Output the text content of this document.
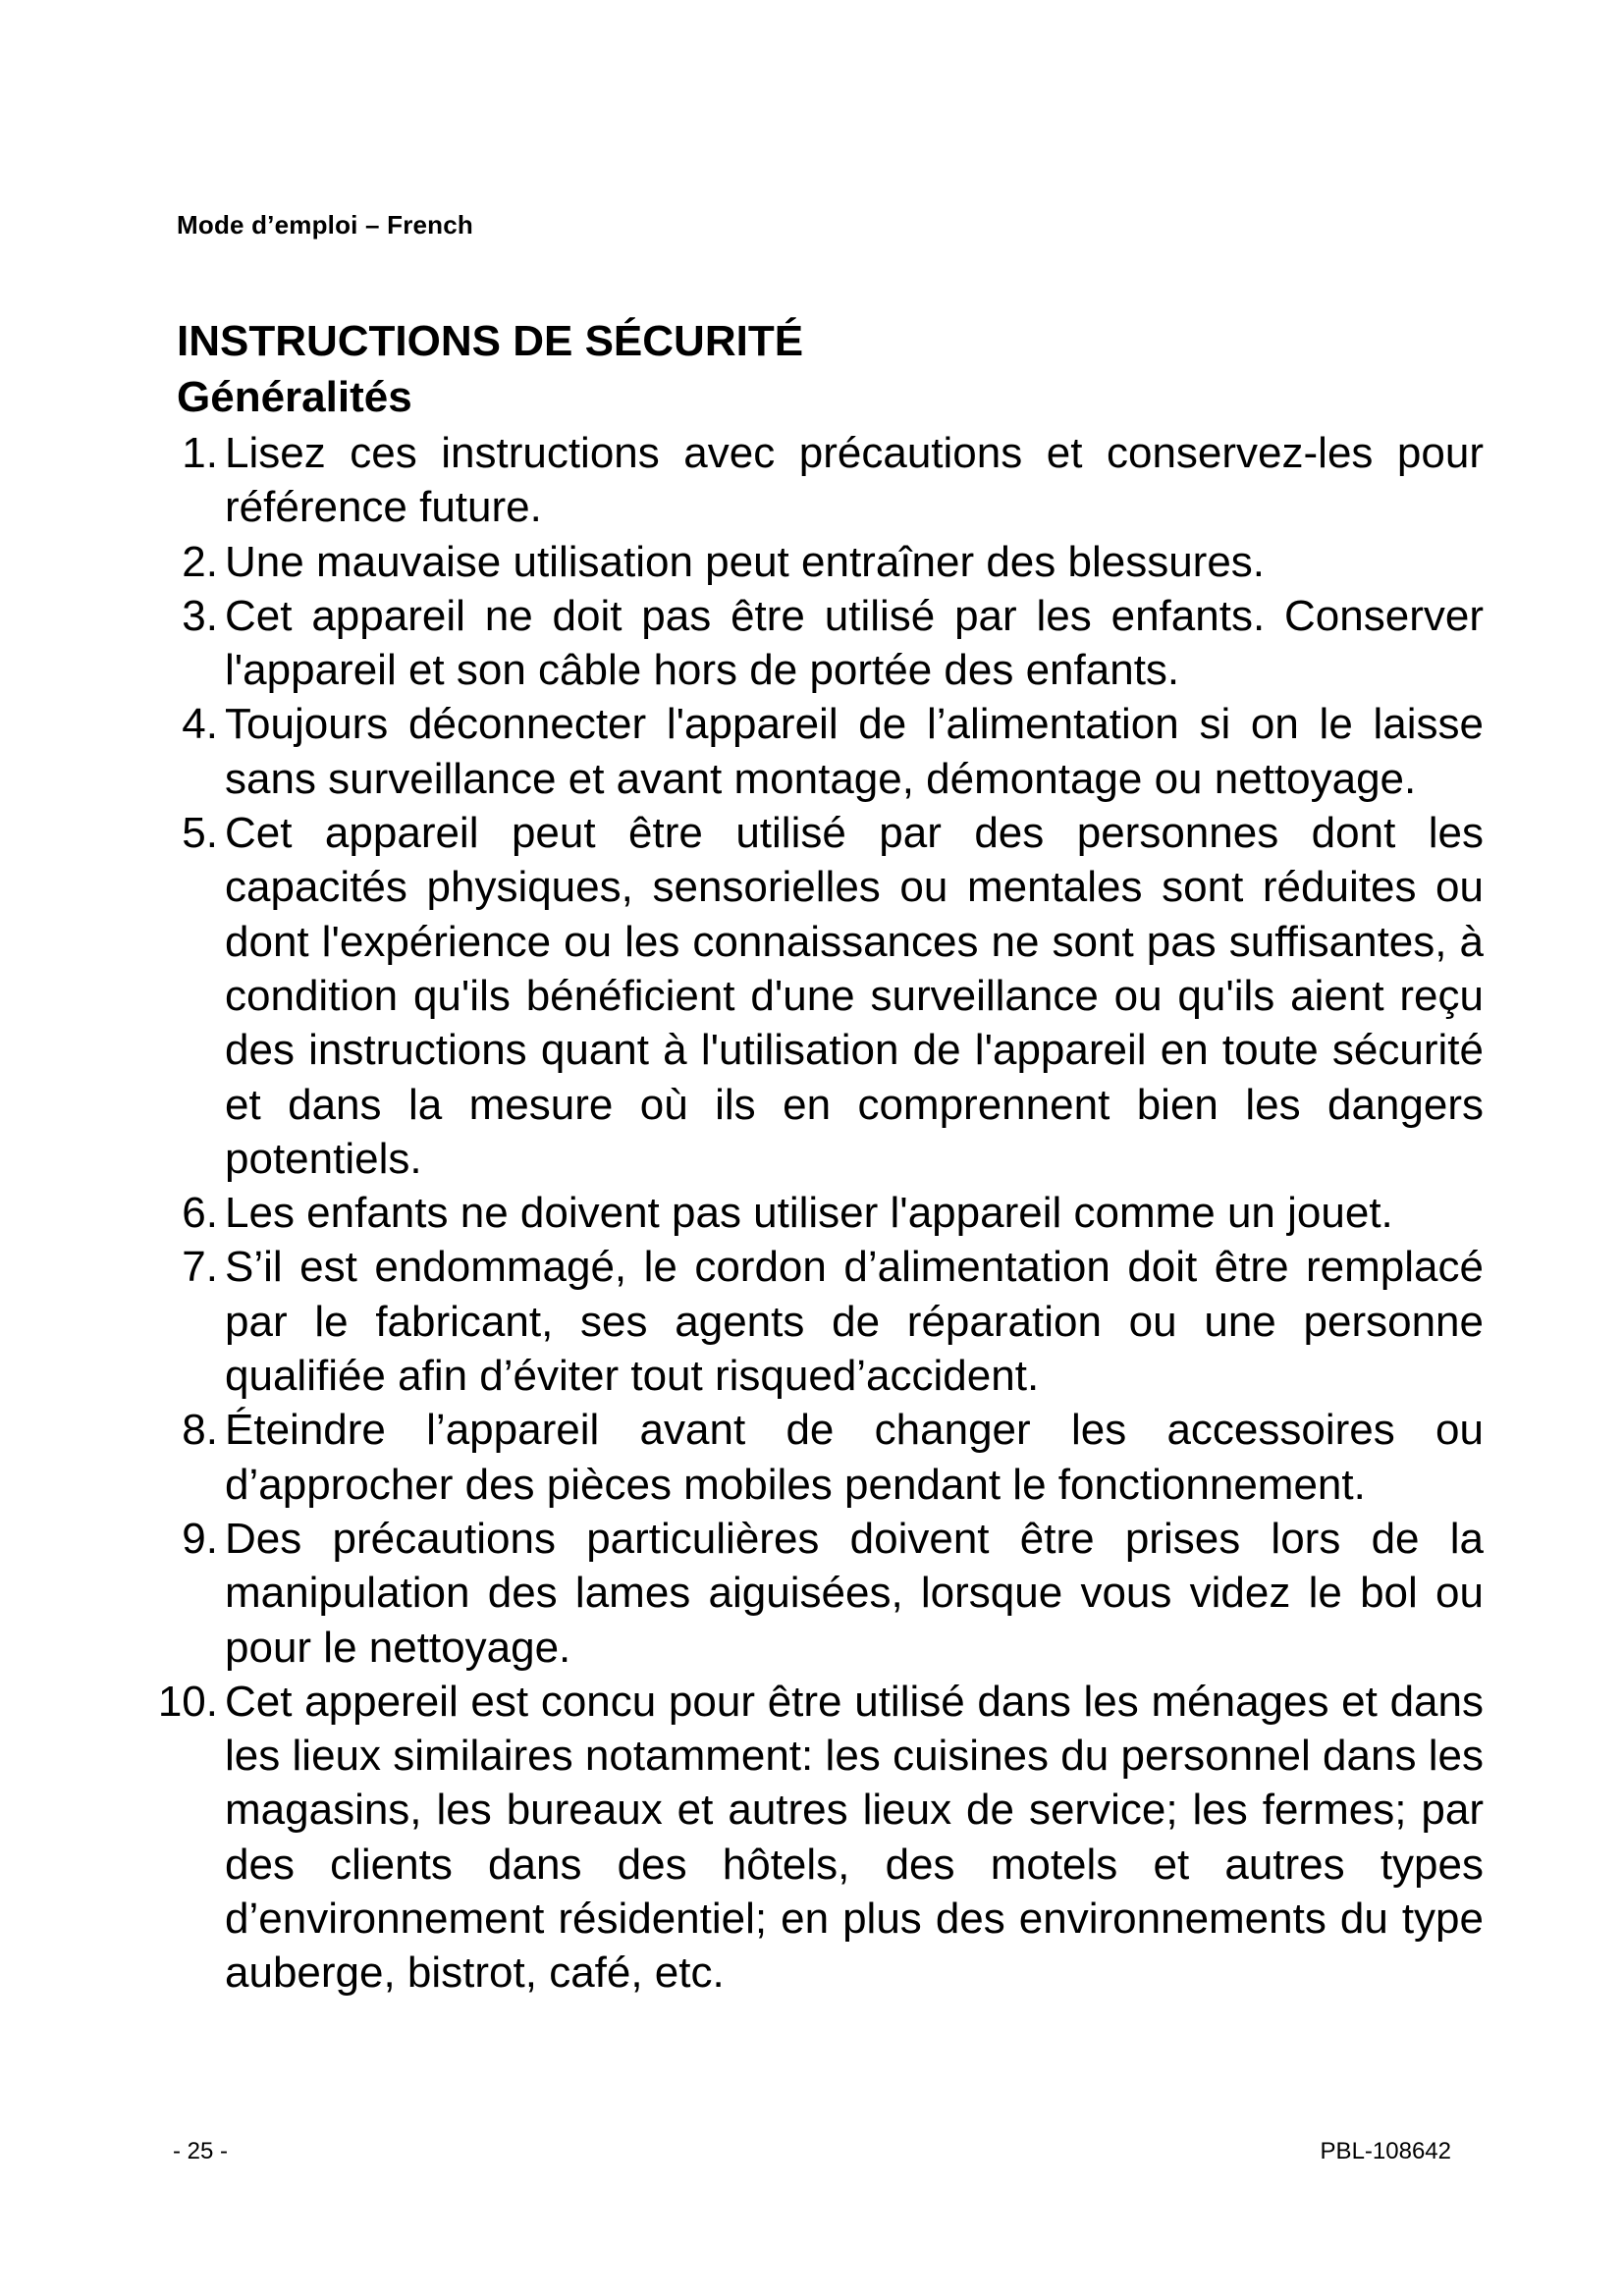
Mode d’emploi – French
INSTRUCTIONS DE SÉCURITÉ
Généralités
1. Lisez ces instructions avec précautions et conservez-les pour référence future.
2. Une mauvaise utilisation peut entraîner des blessures.
3. Cet appareil ne doit pas être utilisé par les enfants. Conserver l'appareil et son câble hors de portée des enfants.
4. Toujours déconnecter l'appareil de l’alimentation si on le laisse sans surveillance et avant montage, démontage ou nettoyage.
5. Cet appareil peut être utilisé par des personnes dont les capacités physiques, sensorielles ou mentales sont réduites ou dont l'expérience ou les connaissances ne sont pas suffisantes, à condition qu'ils bénéficient d'une surveillance ou qu'ils aient reçu des instructions quant à l'utilisation de l'appareil en toute sécurité et dans la mesure où ils en comprennent bien les dangers potentiels.
6. Les enfants ne doivent pas utiliser l'appareil comme un jouet.
7. S’il est endommagé, le cordon d’alimentation doit être remplacé par le fabricant, ses agents de réparation ou une personne qualifiée afin d’éviter tout risqued’accident.
8. Éteindre l’appareil avant de changer les accessoires ou d’approcher des pièces mobiles pendant le fonctionnement.
9. Des précautions particulières doivent être prises lors de la manipulation des lames aiguisées, lorsque vous videz le bol ou pour le nettoyage.
10. Cet appereil est concu pour être utilisé dans les ménages et dans les lieux similaires notamment: les cuisines du personnel dans les magasins, les bureaux et autres lieux de service; les fermes; par des clients dans des hôtels, des motels et autres types d’environnement résidentiel; en plus des environnements du type auberge, bistrot, café, etc.
- 25 -	PBL-108642
